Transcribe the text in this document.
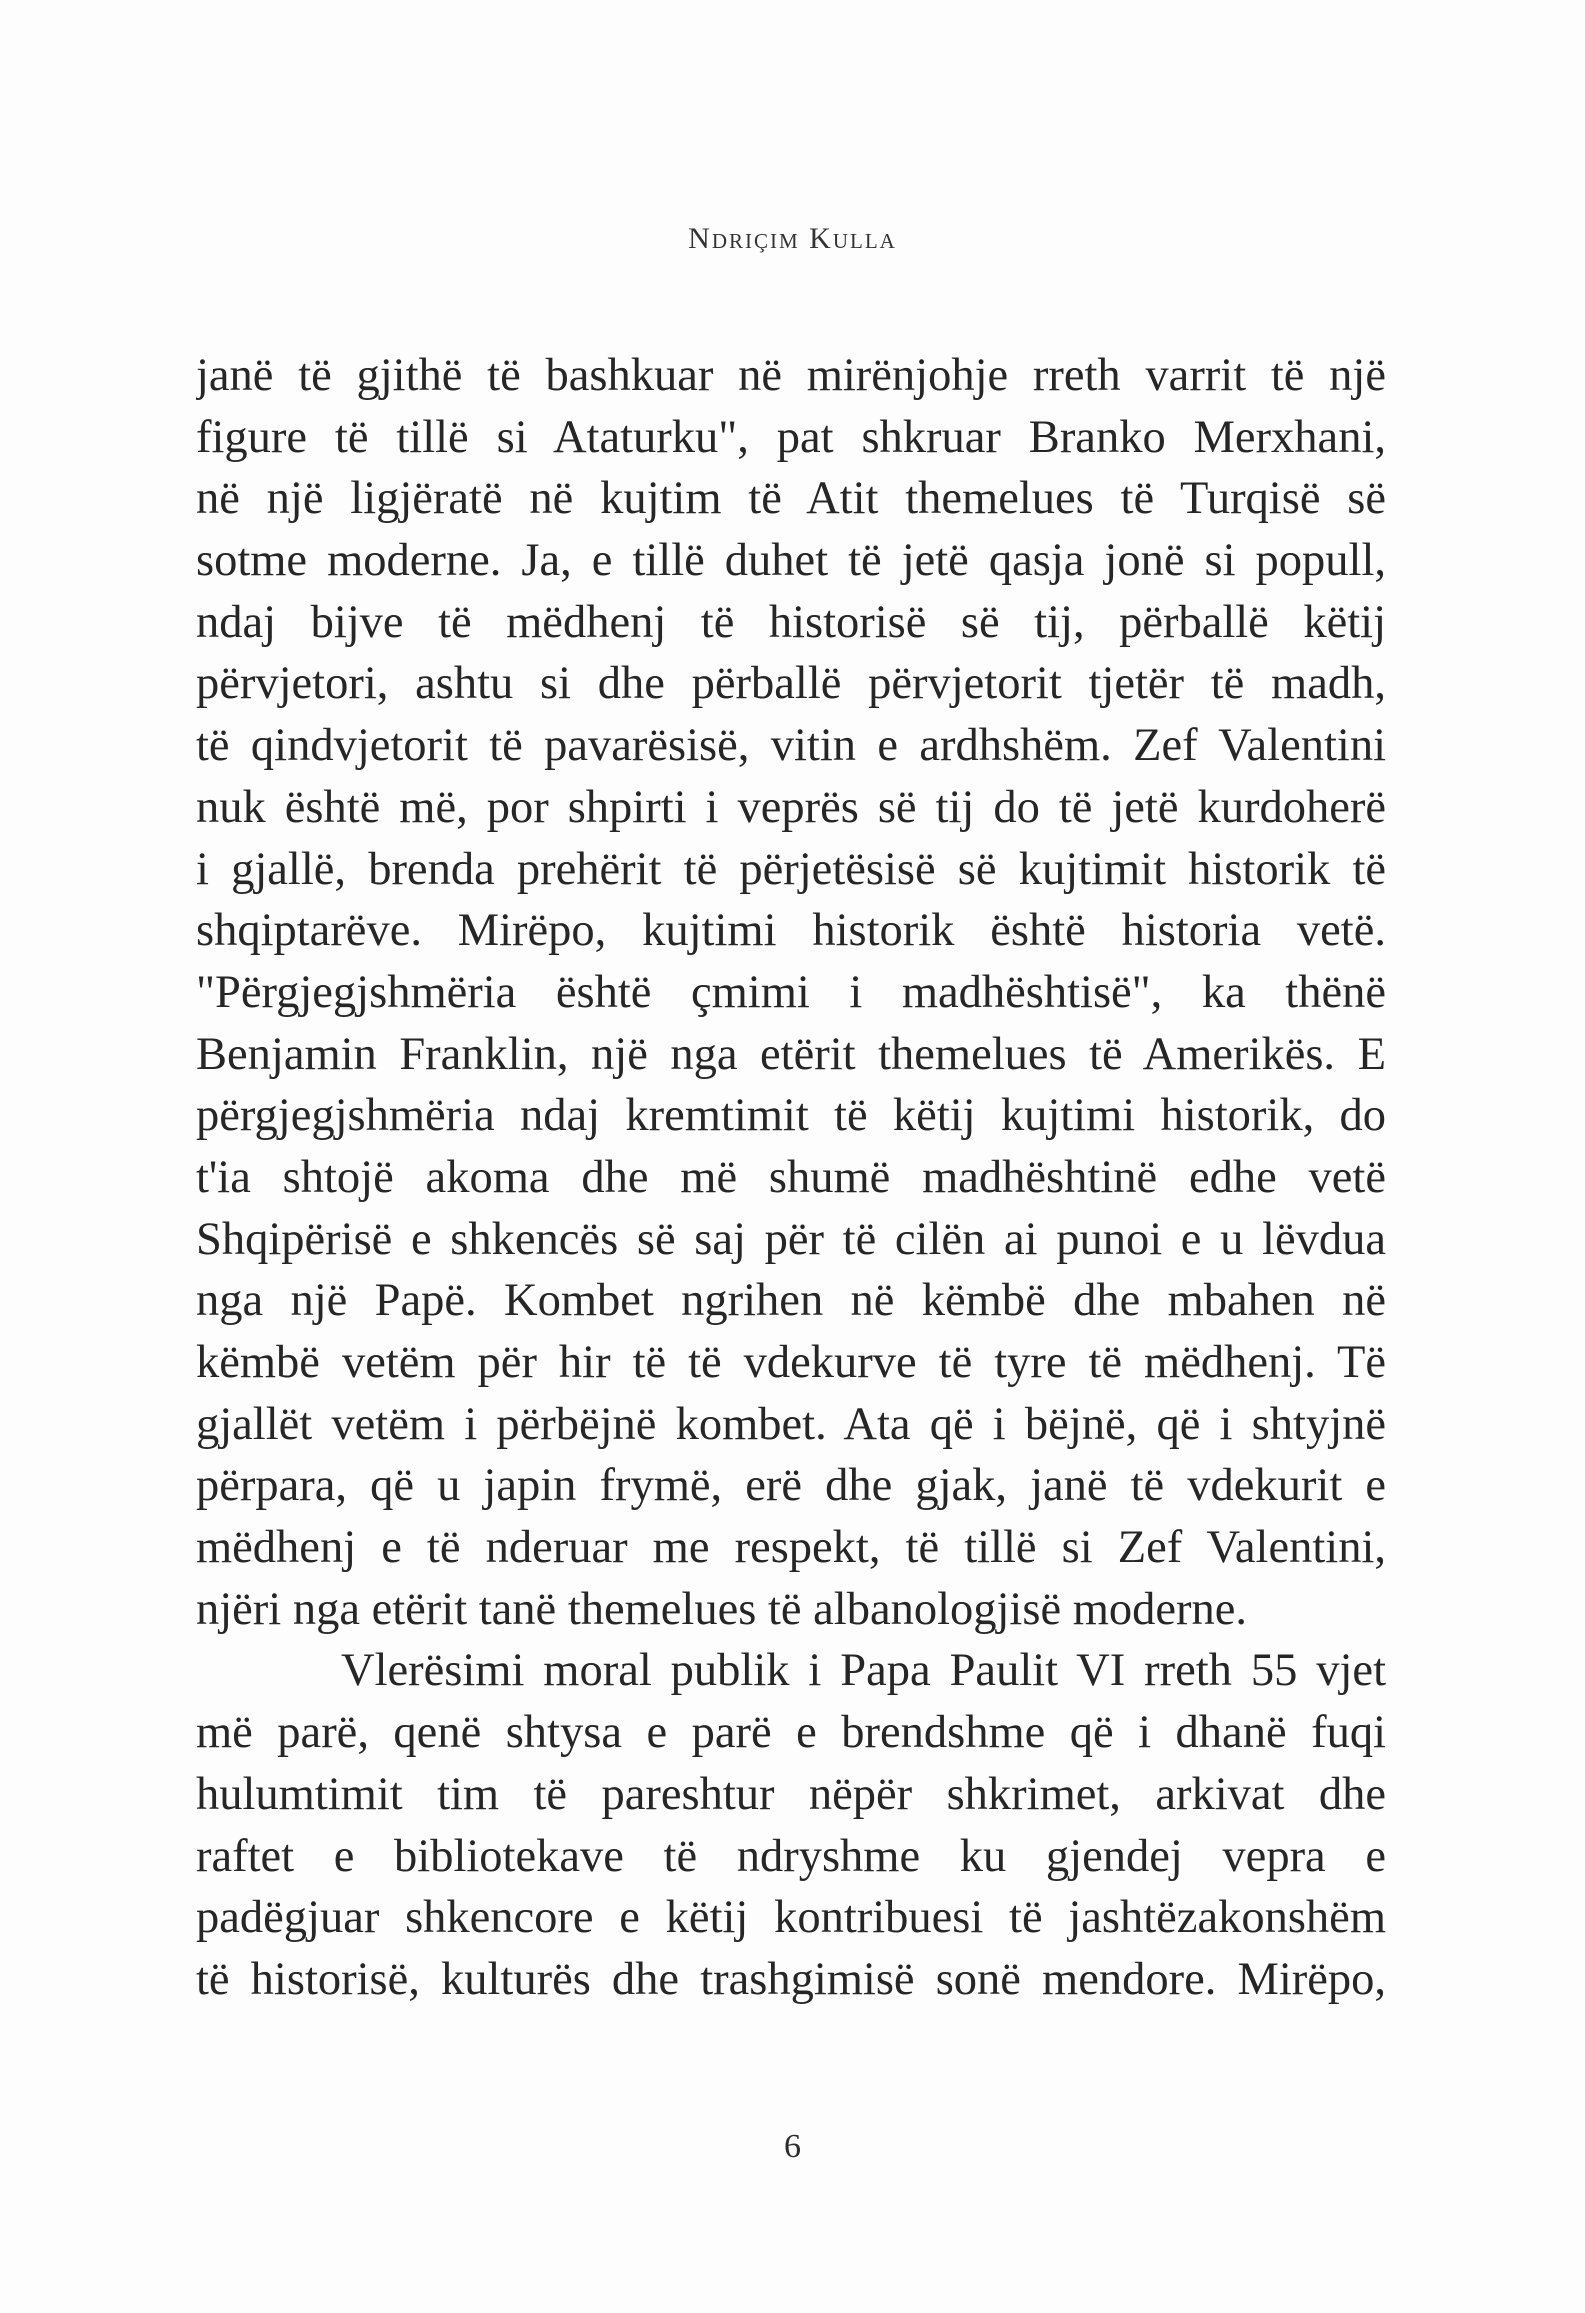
Ndriçim Kulla

janë të gjithë të bashkuar në mirënjohje rreth varrit të një
figure të tillë si Ataturku", pat shkruar Branko Merxhani,
në një ligjëratë në kujtim të Atit themelues të Turqisë së
sotme moderne. Ja, e tillë duhet të jetë qasja jonë si popull,
ndaj bijve të mëdhenj të historisë së tij, përballë këtij
përvjetori, ashtu si dhe përballë përvjetorit tjetër të madh,
të qindvjetorit të pavarësisë, vitin e ardhshëm. Zef Valentini
nuk është më, por shpirti i veprës së tij do të jetë kurdoherë
i gjallë, brenda prehërit të përjetësisë së kujtimit historik të
shqiptarëve. Mirëpo, kujtimi historik është historia vetë.
"Përgjegjshmëria është çmimi i madhështisë", ka thënë
Benjamin Franklin, një nga etërit themelues të Amerikës. E
përgjegjshmëria ndaj kremtimit të këtij kujtimi historik, do
t'ia shtojë akoma dhe më shumë madhështinë edhe vetë
Shqipërisë e shkencës së saj për të cilën ai punoi e u lëvdua
nga një Papë. Kombet ngrihen në këmbë dhe mbahen në
këmbë vetëm për hir të të vdekurve të tyre të mëdhenj. Të
gjallët vetëm i përbëjnë kombet. Ata që i bëjnë, që i shtyjnë
përpara, që u japin frymë, erë dhe gjak, janë të vdekurit e
mëdhenj e të nderuar me respekt, të tillë si Zef Valentini,
njëri nga etërit tanë themelues të albanologjisë moderne.

Vlerësimi moral publik i Papa Paulit VI rreth 55 vjet
më parë, qenë shtysa e parë e brendshme që i dhanë fuqi
hulumtimit tim të pareshtur nëpër shkrimet, arkivat dhe
raftet e bibliotekave të ndryshme ku gjendej vepra e
padëgjuar shkencore e këtij kontribuesi të jashtëzakonshëm
të historisë, kulturës dhe trashgimisë sonë mendore. Mirëpo,

6
